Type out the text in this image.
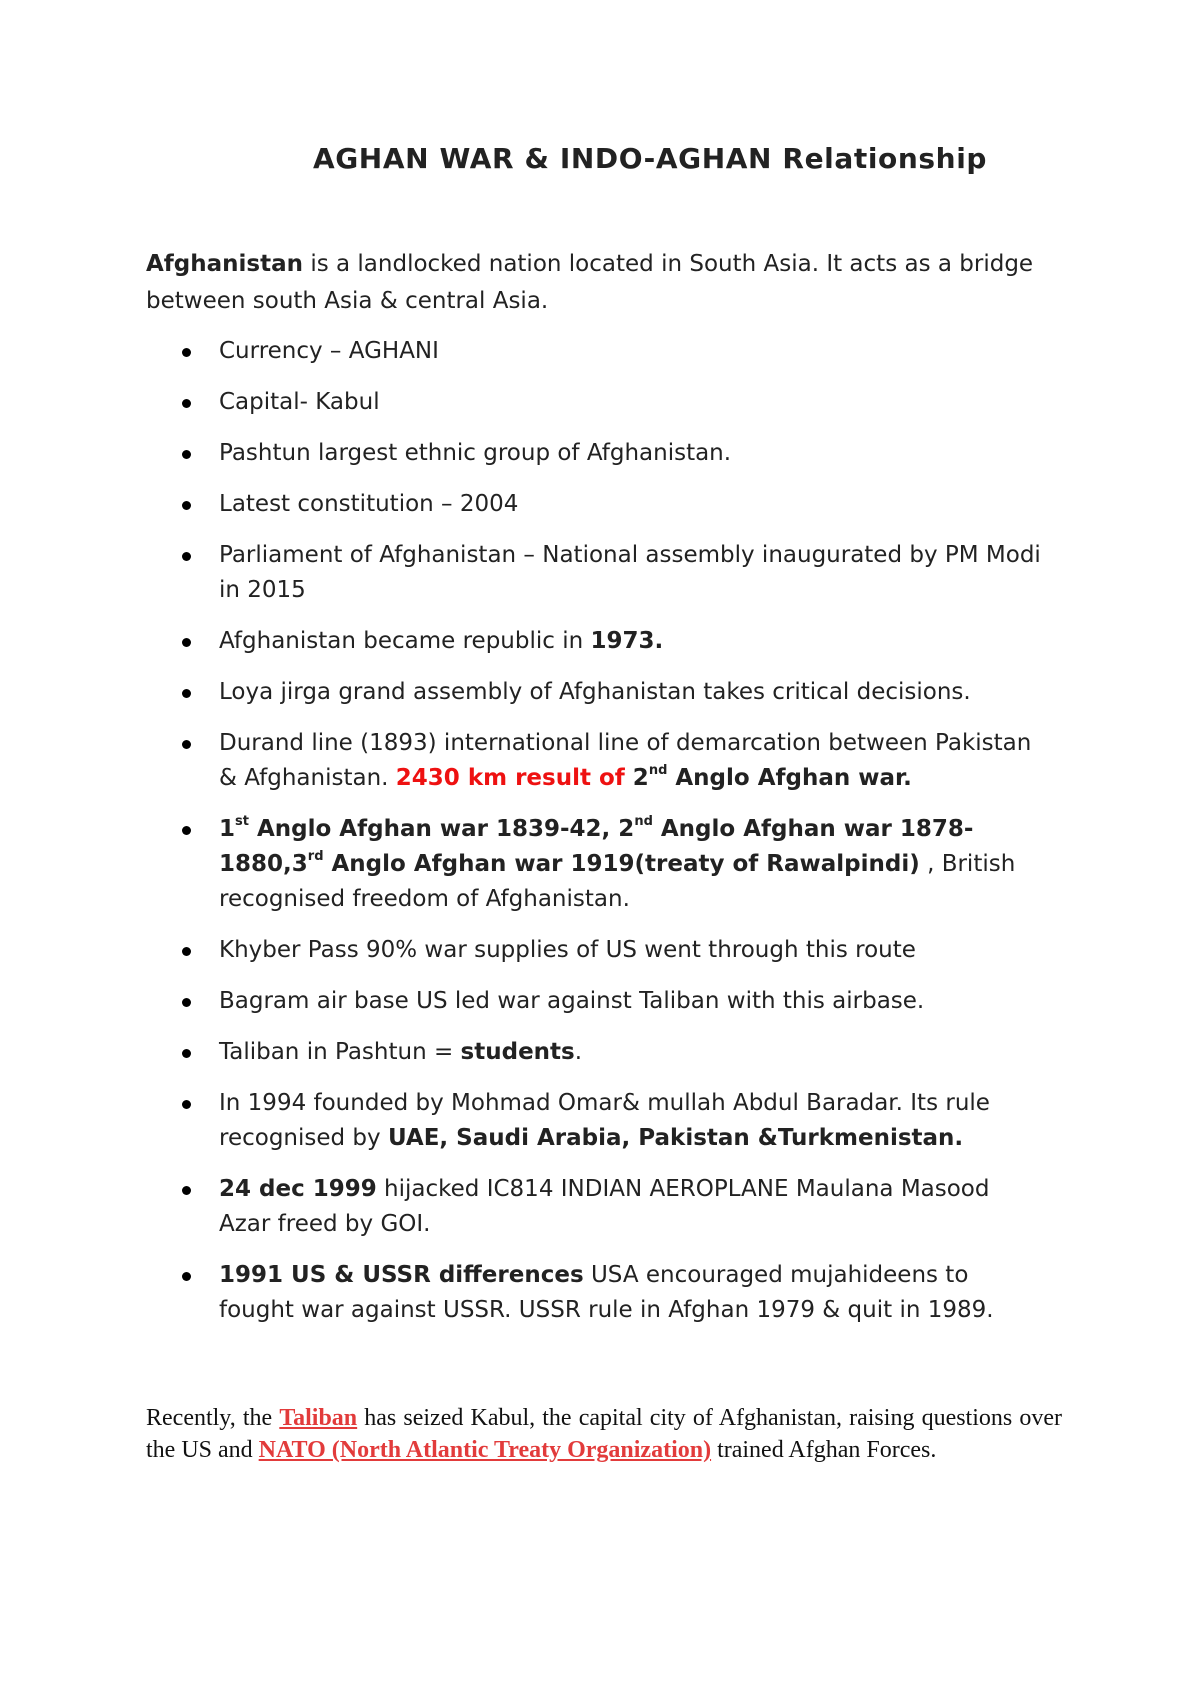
AGHAN WAR & INDO-AGHAN Relationship
Afghanistan is a landlocked nation located in South Asia. It acts as a bridge between south Asia & central Asia.
Currency – AGHANI
Capital- Kabul
Pashtun largest ethnic group of Afghanistan.
Latest constitution – 2004
Parliament of Afghanistan – National assembly inaugurated by PM Modi in 2015
Afghanistan became republic in 1973.
Loya jirga grand assembly of Afghanistan takes critical decisions.
Durand line (1893) international line of demarcation between Pakistan & Afghanistan. 2430 km result of 2nd Anglo Afghan war.
1st Anglo Afghan war 1839-42, 2nd Anglo Afghan war 1878-1880,3rd Anglo Afghan war 1919(treaty of Rawalpindi) , British recognised freedom of Afghanistan.
Khyber Pass 90% war supplies of US went through this route
Bagram air base US led war against Taliban with this airbase.
Taliban in Pashtun = students.
In 1994 founded by Mohmad Omar& mullah Abdul Baradar. Its rule recognised by UAE, Saudi Arabia, Pakistan &Turkmenistan.
24 dec 1999 hijacked IC814 INDIAN AEROPLANE Maulana Masood Azar freed by GOI.
1991 US & USSR differences USA encouraged mujahideens to fought war against USSR. USSR rule in Afghan 1979 & quit in 1989.
Recently, the Taliban has seized Kabul, the capital city of Afghanistan, raising questions over the US and NATO (North Atlantic Treaty Organization) trained Afghan Forces.
